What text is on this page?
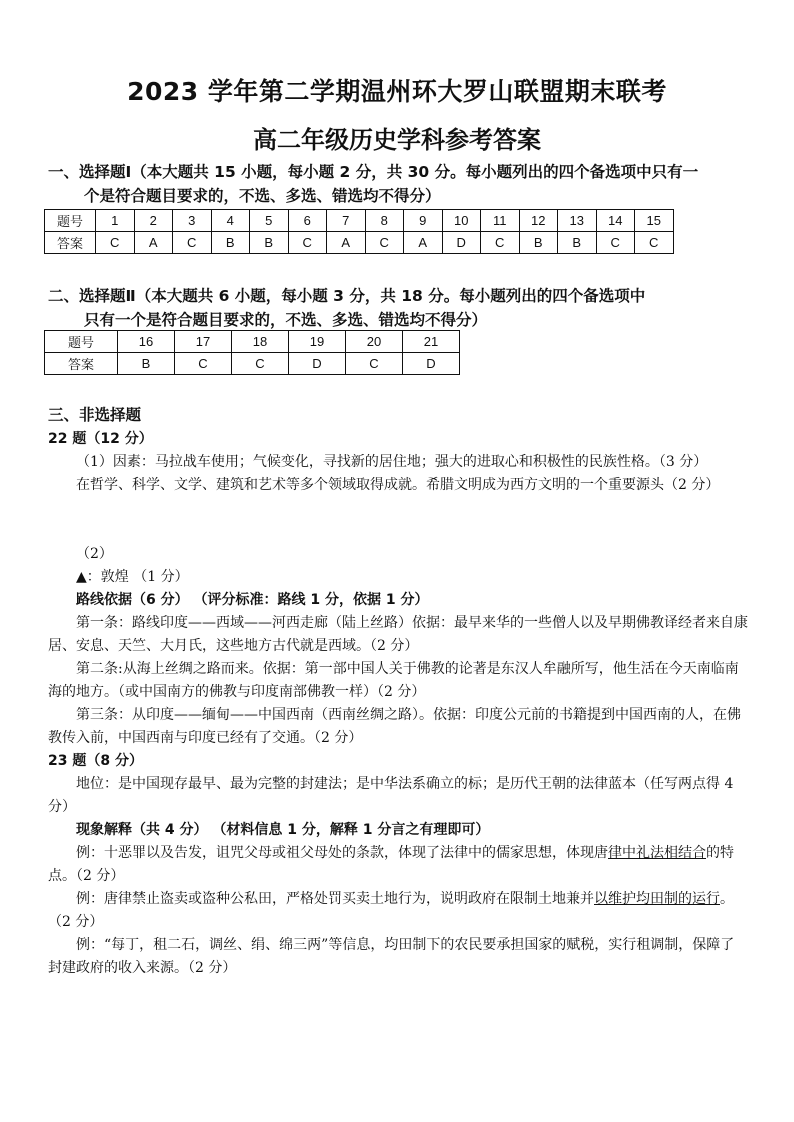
2023 学年第二学期温州环大罗山联盟期末联考
高二年级历史学科参考答案
一、选择题Ⅰ（本大题共 15 小题，每小题 2 分，共 30 分。每小题列出的四个备选项中只有一
个是符合题目要求的，不选、多选、错选均不得分）
题号	1	2	3	4	5	6	7	8	9	10	11	12	13	14	15
答案	C	A	C	B	B	C	A	C	A	D	C	B	B	C	C
二、选择题Ⅱ（本大题共 6 小题，每小题 3 分，共 18 分。每小题列出的四个备选项中
只有一个是符合题目要求的，不选、多选、错选均不得分）
题号	16	17	18	19	20	21
答案	B	C	C	D	C	D
三、非选择题

22 题（12 分）

（1）因素：马拉战车使用；气候变化，寻找新的居住地；强大的进取心和积极性的民族性格。（3 分）

在哲学、科学、文学、建筑和艺术等多个领域取得成就。希腊文明成为西方文明的一个重要源头（2 分）

（2）

▲：敦煌 （1 分）

路线依据（6 分） （评分标准：路线 1 分，依据 1 分）

第一条：路线印度——西域——河西走廊（陆上丝路）依据：最早来华的一些僧人以及早期佛教译经者来自康居、安息、天竺、大月氏，这些地方古代就是西域。（2 分）

第二条:从海上丝绸之路而来。依据：第一部中国人关于佛教的论著是东汉人牟融所写，他生活在今天南临南海的地方。（或中国南方的佛教与印度南部佛教一样）（2 分）

第三条：从印度——缅甸——中国西南（西南丝绸之路）。依据：印度公元前的书籍提到中国西南的人，在佛教传入前，中国西南与印度已经有了交通。（2 分）

23 题（8 分）

地位：是中国现存最早、最为完整的封建法；是中华法系确立的标；是历代王朝的法律蓝本（任写两点得 4 分）

现象解释（共 4 分） （材料信息 1 分，解释 1 分言之有理即可）

例：十恶罪以及告发，诅咒父母或祖父母处的条款，体现了法律中的儒家思想，体现唐律中礼法相结合的特点。（2 分）

例：唐律禁止盗卖或盗种公私田，严格处罚买卖土地行为，说明政府在限制土地兼并以维护均田制的运行。（2 分）

例：“每丁，租二石，调丝、绢、绵三两”等信息，均田制下的农民要承担国家的赋税，实行租调制，保障了封建政府的收入来源。（2 分）
